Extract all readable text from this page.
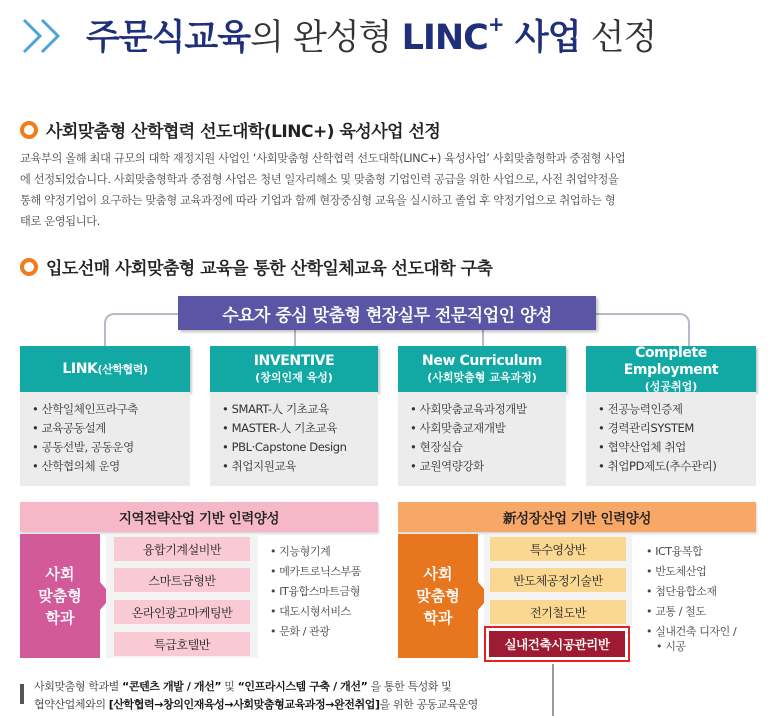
주문식교육의 완성형 LINC+ 사업 선정
사회맞춤형 산학협력 선도대학(LINC+) 육성사업 선정
교육부의 올해 최대 규모의 대학 재정지원 사업인 ‘사회맞춤형 산학협력 선도대학(LINC+) 육성사업’ 사회맞춤형학과 중점형 사업
에 선정되었습니다. 사회맞춤형학과 중점형 사업은 청년 일자리해소 및 맞춤형 기업인력 공급을 위한 사업으로, 사전 취업약정을
통해 약정기업이 요구하는 맞춤형 교육과정에 따라 기업과 함께 현장중심형 교육을 실시하고 졸업 후 약정기업으로 취업하는 형
태로 운영됩니다.
입도선매 사회맞춤형 교육을 통한 산학일체교육 선도대학 구축
수요자 중심 맞춤형 현장실무 전문직업인 양성
LINK(산학협력)
• 산학일체인프라구축
• 교육공동설계
• 공동선발, 공동운영
• 산학협의체 운영
INVENTIVE
(창의인재 육성)
• SMART-人 기초교육
• MASTER-人 기초교육
• PBL·Capstone Design
• 취업지원교육
New Curriculum
(사회맞춤형 교육과정)
• 사회맞춤교육과정개발
• 사회맞춤교재개발
• 현장실습
• 교원역량강화
Complete Employment
(성공취업)
• 전공능력인증제
• 경력관리SYSTEM
• 협약산업체 취업
• 취업PD제도(추수관리)
지역전략산업 기반 인력양성
사회
맞춤형
학과
융합기계설비반
스마트금형반
온라인광고마케팅반
특급호텔반
• 지능형기계
• 메카트로닉스부품
• IT융합스마트금형
• 대도시형서비스
• 문화 / 관광
新성장산업 기반 인력양성
사회
맞춤형
학과
특수영상반
반도체공정기술반
전기철도반
실내건축시공관리반
• ICT융복합
• 반도체산업
• 첨단융합소재
• 교통 / 철도
• 실내건축 디자인 /
• 시공
사회맞춤형 학과별 “콘텐츠 개발 / 개선” 및 “인프라시스템 구축 / 개선” 을 통한 특성화 및
협약산업체와의 [산학협력→창의인재육성→사회맞춤형교육과정→완전취업]을 위한 공동교육운영
